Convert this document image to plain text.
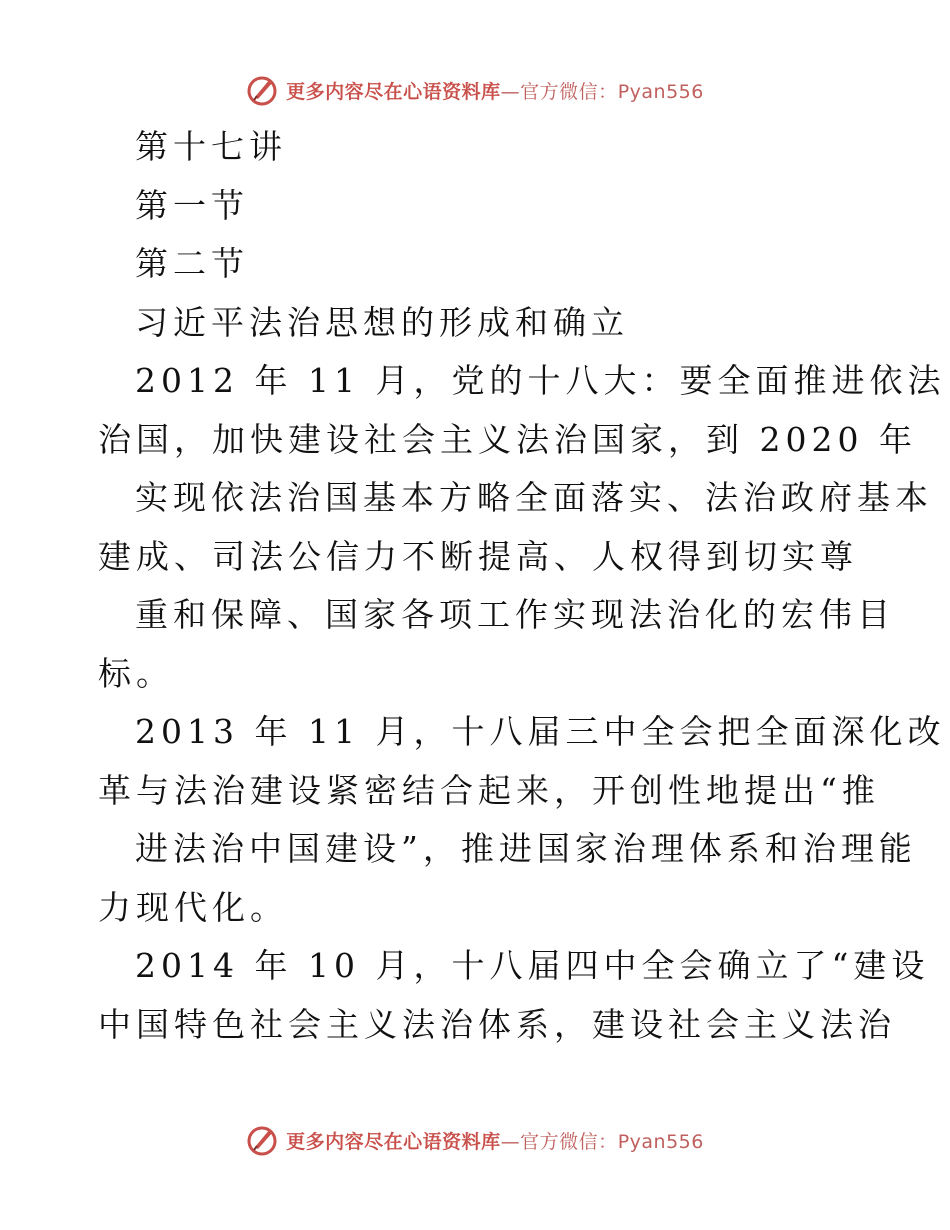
更多内容尽在心语资料库—官方微信：Pyan556
第十七讲
第一节
第二节
习近平法治思想的形成和确立
2012 年 11 月，党的十八大：要全面推进依法
治国，加快建设社会主义法治国家，到 2020 年
实现依法治国基本方略全面落实、法治政府基本
建成、司法公信力不断提高、人权得到切实尊
重和保障、国家各项工作实现法治化的宏伟目
标。
2013 年 11 月，十八届三中全会把全面深化改
革与法治建设紧密结合起来，开创性地提出“推
进法治中国建设”，推进国家治理体系和治理能
力现代化。
2014 年 10 月，十八届四中全会确立了“建设
中国特色社会主义法治体系，建设社会主义法治
更多内容尽在心语资料库—官方微信：Pyan556
